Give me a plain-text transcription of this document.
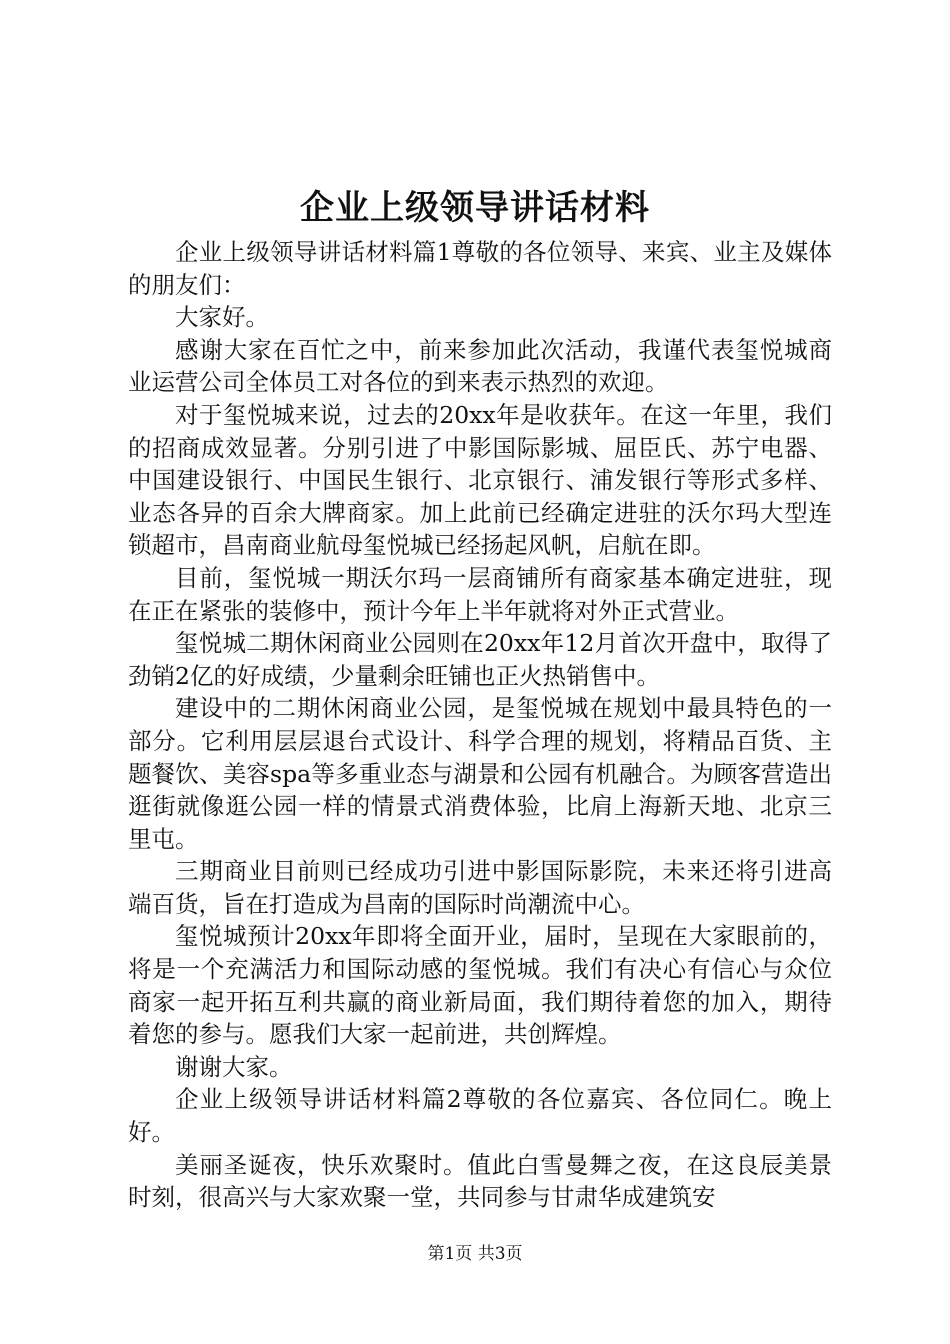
企业上级领导讲话材料

企业上级领导讲话材料篇1尊敬的各位领导、来宾、业主及媒体的朋友们：

大家好。

感谢大家在百忙之中，前来参加此次活动，我谨代表玺悦城商业运营公司全体员工对各位的到来表示热烈的欢迎。

对于玺悦城来说，过去的20xx年是收获年。在这一年里，我们的招商成效显著。分别引进了中影国际影城、屈臣氏、苏宁电器、中国建设银行、中国民生银行、北京银行、浦发银行等形式多样、业态各异的百余大牌商家。加上此前已经确定进驻的沃尔玛大型连锁超市，昌南商业航母玺悦城已经扬起风帆，启航在即。

目前，玺悦城一期沃尔玛一层商铺所有商家基本确定进驻，现在正在紧张的装修中，预计今年上半年就将对外正式营业。

玺悦城二期休闲商业公园则在20xx年12月首次开盘中，取得了劲销2亿的好成绩，少量剩余旺铺也正火热销售中。

建设中的二期休闲商业公园，是玺悦城在规划中最具特色的一部分。它利用层层退台式设计、科学合理的规划，将精品百货、主题餐饮、美容spa等多重业态与湖景和公园有机融合。为顾客营造出逛街就像逛公园一样的情景式消费体验，比肩上海新天地、北京三里屯。

三期商业目前则已经成功引进中影国际影院，未来还将引进高端百货，旨在打造成为昌南的国际时尚潮流中心。

玺悦城预计20xx年即将全面开业，届时，呈现在大家眼前的，将是一个充满活力和国际动感的玺悦城。我们有决心有信心与众位商家一起开拓互利共赢的商业新局面，我们期待着您的加入，期待着您的参与。愿我们大家一起前进，共创辉煌。

谢谢大家。

企业上级领导讲话材料篇2尊敬的各位嘉宾、各位同仁。晚上好。

美丽圣诞夜，快乐欢聚时。值此白雪曼舞之夜，在这良辰美景时刻，很高兴与大家欢聚一堂，共同参与甘肃华成建筑安

第1页 共3页
